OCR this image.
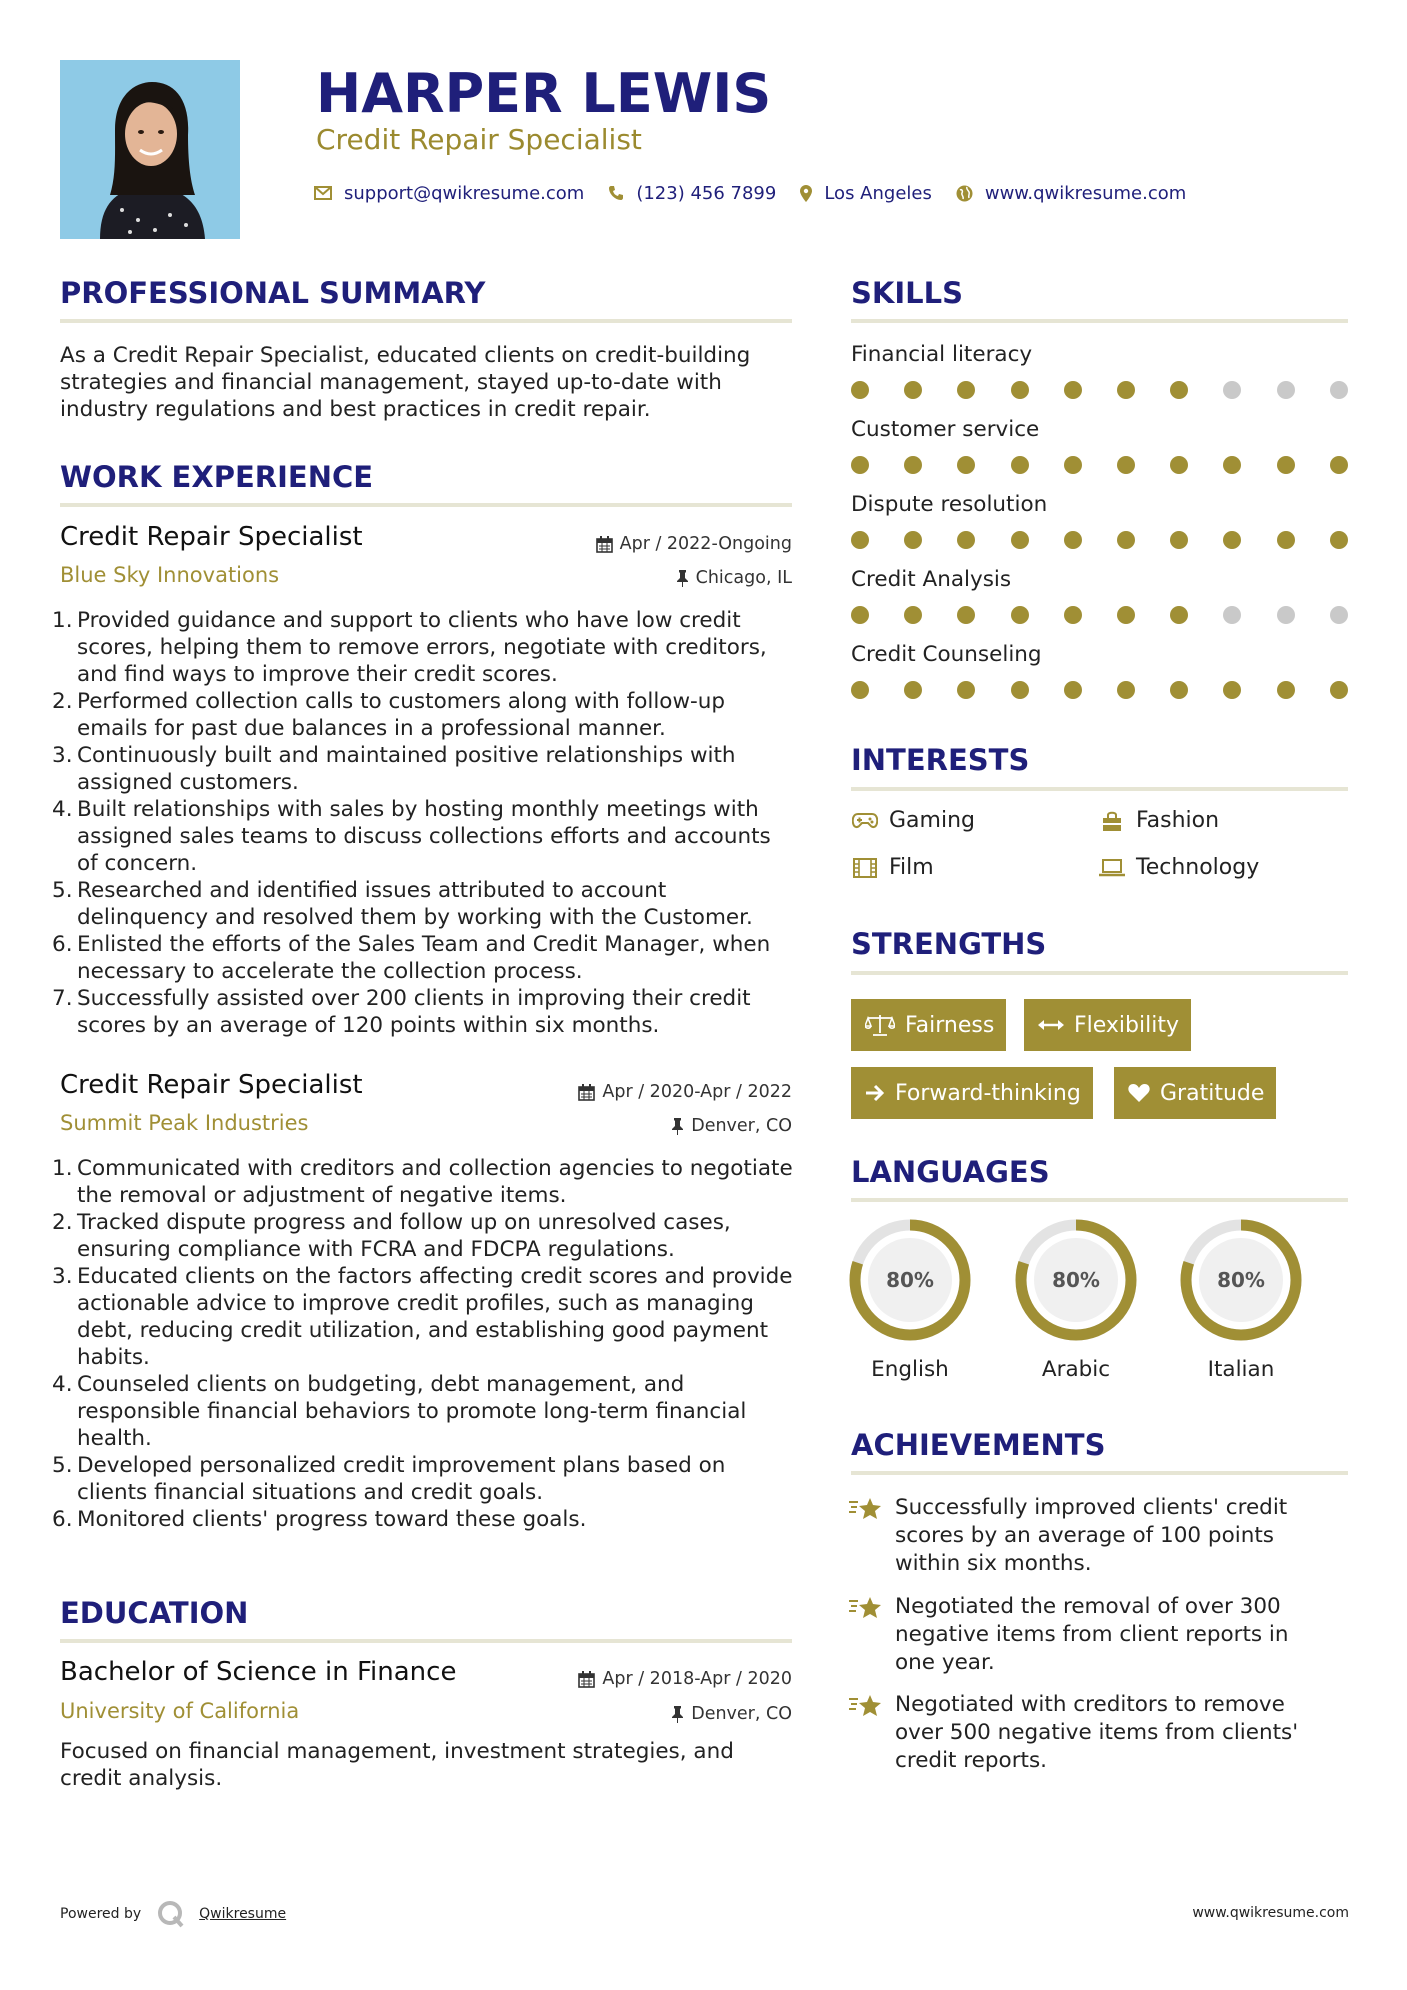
HARPER LEWIS
Credit Repair Specialist
support@qwikresume.com	(123) 456 7899	Los Angeles	www.qwikresume.com
PROFESSIONAL SUMMARY
As a Credit Repair Specialist, educated clients on credit-building strategies and financial management, stayed up-to-date with industry regulations and best practices in credit repair.
WORK EXPERIENCE
Credit Repair Specialist	Apr / 2022-Ongoing
Blue Sky Innovations	Chicago, IL
Provided guidance and support to clients who have low credit scores, helping them to remove errors, negotiate with creditors, and find ways to improve their credit scores.
Performed collection calls to customers along with follow-up emails for past due balances in a professional manner.
Continuously built and maintained positive relationships with assigned customers.
Built relationships with sales by hosting monthly meetings with assigned sales teams to discuss collections efforts and accounts of concern.
Researched and identified issues attributed to account delinquency and resolved them by working with the Customer.
Enlisted the efforts of the Sales Team and Credit Manager, when necessary to accelerate the collection process.
Successfully assisted over 200 clients in improving their credit scores by an average of 120 points within six months.
Credit Repair Specialist	Apr / 2020-Apr / 2022
Summit Peak Industries	Denver, CO
Communicated with creditors and collection agencies to negotiate the removal or adjustment of negative items.
Tracked dispute progress and follow up on unresolved cases, ensuring compliance with FCRA and FDCPA regulations.
Educated clients on the factors affecting credit scores and provide actionable advice to improve credit profiles, such as managing debt, reducing credit utilization, and establishing good payment habits.
Counseled clients on budgeting, debt management, and responsible financial behaviors to promote long-term financial health.
Developed personalized credit improvement plans based on clients financial situations and credit goals.
Monitored clients' progress toward these goals.
EDUCATION
Bachelor of Science in Finance	Apr / 2018-Apr / 2020
University of California	Denver, CO
Focused on financial management, investment strategies, and credit analysis.
SKILLS
Financial literacy
Customer service
Dispute resolution
Credit Analysis
Credit Counseling
INTERESTS
Gaming	Fashion
Film	Technology
STRENGTHS
Fairness	Flexibility
Forward-thinking	Gratitude
LANGUAGES
80%
English
80%
Arabic
80%
Italian
ACHIEVEMENTS
Successfully improved clients' credit scores by an average of 100 points within six months.
Negotiated the removal of over 300 negative items from client reports in one year.
Negotiated with creditors to remove over 500 negative items from clients' credit reports.
Powered by	Qwikresume	www.qwikresume.com
